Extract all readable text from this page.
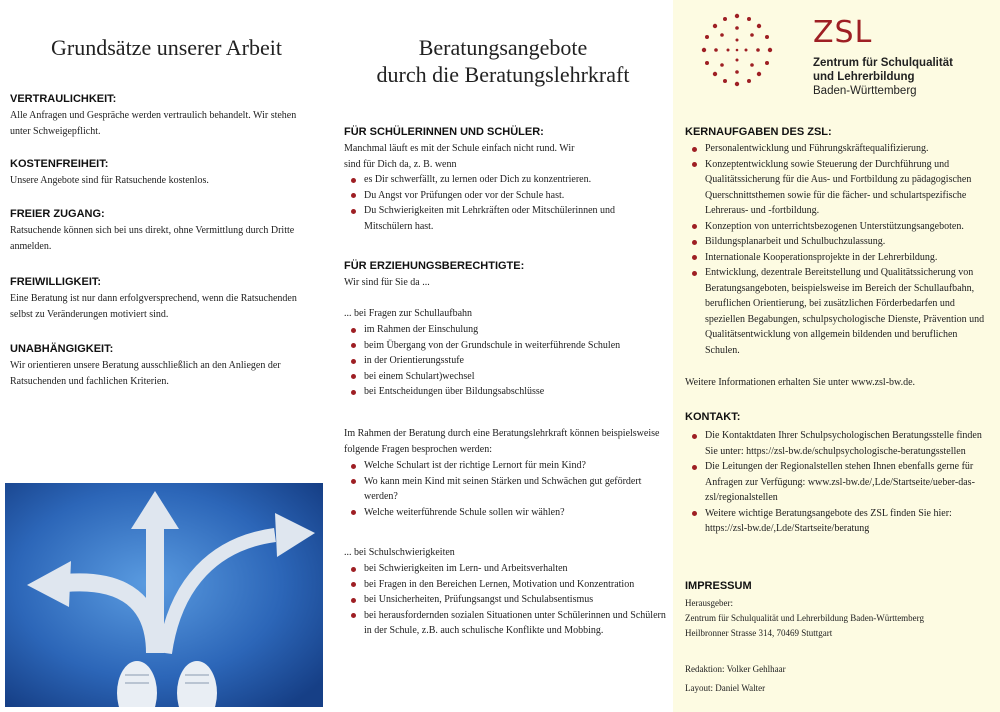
Grundsätze unserer Arbeit
VERTRAULICHKEIT:

Alle Anfragen und Gespräche werden vertraulich behandelt. Wir stehen unter Schweigepflicht.

KOSTENFREIHEIT:

Unsere Angebote sind für Ratsuchende kostenlos.

FREIER ZUGANG:

Ratsuchende können sich bei uns direkt, ohne Vermittlung durch Dritte anmelden.

FREIWILLIGKEIT:

Eine Beratung ist nur dann erfolgversprechend, wenn die Ratsuchenden selbst zu Veränderungen motiviert sind.

UNABHÄNGIGKEIT:

Wir orientieren unsere Beratung ausschließlich an den Anliegen der Ratsuchenden und fachlichen Kriterien.

Beratungsangebote
durch die Beratungslehrkraft
FÜR SCHÜLERINNEN UND SCHÜLER:

Manchmal läuft es mit der Schule einfach nicht rund. Wir sind für Dich da, z. B. wenn

es Dir schwerfällt, zu lernen oder Dich zu konzentrieren.
Du Angst vor Prüfungen oder vor der Schule hast.
Du Schwierigkeiten mit Lehrkräften oder Mitschülerinnen und Mitschülern hast.
FÜR ERZIEHUNGSBERECHTIGTE:

Wir sind für Sie da ...

... bei Fragen zur Schullaufbahn

im Rahmen der Einschulung
beim Übergang von der Grundschule in weiterführende Schulen
in der Orientierungsstufe
bei einem Schulart)wechsel
bei Entscheidungen über Bildungsabschlüsse

Im Rahmen der Beratung durch eine Beratungslehrkraft können beispielsweise folgende Fragen besprochen werden:

Welche Schulart ist der richtige Lernort für mein Kind?
Wo kann mein Kind mit seinen Stärken und Schwächen gut gefördert werden?
Welche weiterführende Schule sollen wir wählen?

... bei Schulschwierigkeiten

bei Schwierigkeiten im Lern- und Arbeitsverhalten
bei Fragen in den Bereichen Lernen, Motivation und Konzentration
bei Unsicherheiten, Prüfungsangst und Schulabsentismus
bei herausfordernden sozialen Situationen unter Schülerinnen und Schülern in der Schule, z.B. auch schulische Konflikte und Mobbing.
ZSL
Zentrum für Schulqualität
und Lehrerbildung
Baden-Württemberg
KERNAUFGABEN DES ZSL:
Personalentwicklung und Führungskräftequalifizierung.
Konzeptentwicklung sowie Steuerung der Durchführung und Qualitätssicherung für die Aus- und Fortbildung zu pädagogischen Querschnittsthemen sowie für die fächer- und schulartspezifische Lehreraus- und -fortbildung.
Konzeption von unterrichtsbezogenen Unterstützungsangeboten.
Bildungsplanarbeit und Schulbuchzulassung.
Internationale Kooperationsprojekte in der Lehrerbildung.
Entwicklung, dezentrale Bereitstellung und Qualitätssicherung von Beratungsangeboten, beispielsweise im Bereich der Schullaufbahn, beruflichen Orientierung, bei zusätzlichen Förderbedarfen und speziellen Begabungen, schulpsychologische Dienste, Prävention und Qualitätsentwicklung von allgemein bildenden und beruflichen Schulen.

Weitere Informationen erhalten Sie unter www.zsl-bw.de.

KONTAKT:
Die Kontaktdaten Ihrer Schulpsychologischen Beratungsstelle finden Sie unter: https://zsl-bw.de/schulpsychologische-beratungsstellen
Die Leitungen der Regionalstellen stehen Ihnen ebenfalls gerne für Anfragen zur Verfügung: www.zsl-bw.de/,Lde/Startseite/ueber-das-zsl/regionalstellen
Weitere wichtige Beratungsangebote des ZSL finden Sie hier: https://zsl-bw.de/,Lde/Startseite/beratung
IMPRESSUM

Herausgeber:

Zentrum für Schulqualität und Lehrerbildung Baden-Württemberg

Heilbronner Strasse 314, 70469 Stuttgart

Redaktion: Volker Gehlhaar

Layout: Daniel Walter
